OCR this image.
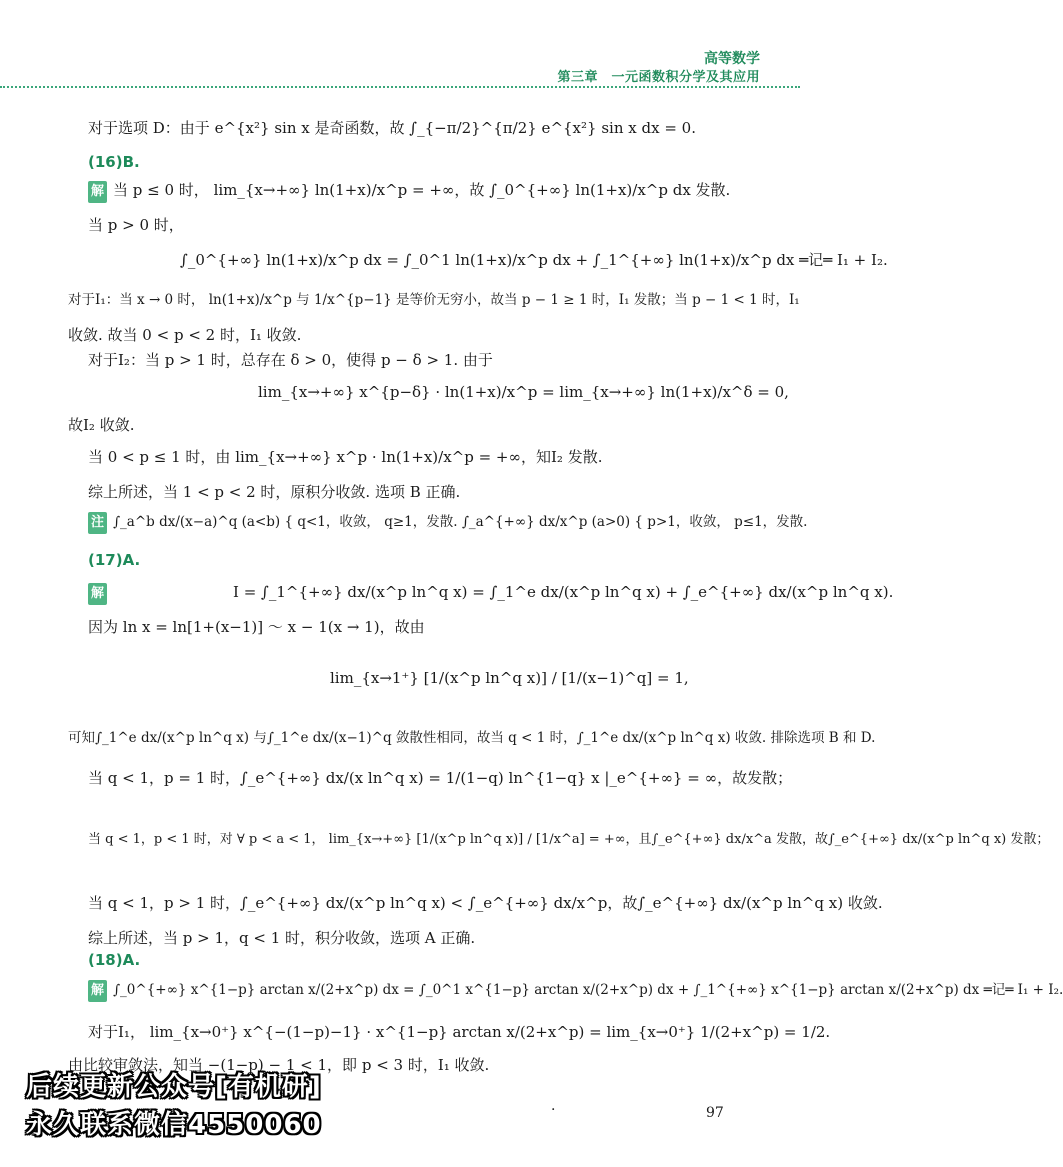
高等数学
第三章　一元函数积分学及其应用
对于选项 D：由于 e^{x²} sin x 是奇函数，故 ∫_{−π/2}^{π/2} e^{x²} sin x dx = 0.
(16)B.
解 当 p ≤ 0 时， lim_{x→+∞} ln(1+x)/x^p = +∞，故 ∫_0^{+∞} ln(1+x)/x^p dx 发散.
当 p > 0 时，
∫_0^{+∞} ln(1+x)/x^p dx = ∫_0^1 ln(1+x)/x^p dx + ∫_1^{+∞} ln(1+x)/x^p dx ═记═ I₁ + I₂.
对于I₁：当 x → 0 时， ln(1+x)/x^p 与 1/x^{p−1} 是等价无穷小，故当 p − 1 ≥ 1 时，I₁ 发散；当 p − 1 < 1 时，I₁
收敛. 故当 0 < p < 2 时，I₁ 收敛.
对于I₂：当 p > 1 时，总存在 δ > 0，使得 p − δ > 1. 由于
lim_{x→+∞} x^{p−δ} · ln(1+x)/x^p = lim_{x→+∞} ln(1+x)/x^δ = 0,
故I₂ 收敛.
当 0 < p ≤ 1 时，由 lim_{x→+∞} x^p · ln(1+x)/x^p = +∞，知I₂ 发散.
综上所述，当 1 < p < 2 时，原积分收敛. 选项 B 正确.
注 ∫_a^b dx/(x−a)^q (a<b) { q<1，收敛， q≥1，发散. ∫_a^{+∞} dx/x^p (a>0) { p>1，收敛， p≤1，发散.
(17)A.
解	I = ∫_1^{+∞} dx/(x^p ln^q x) = ∫_1^e dx/(x^p ln^q x) + ∫_e^{+∞} dx/(x^p ln^q x).
因为 ln x = ln[1+(x−1)] ～ x − 1(x → 1)，故由
lim_{x→1⁺} [1/(x^p ln^q x)] / [1/(x−1)^q] = 1,
可知∫_1^e dx/(x^p ln^q x) 与∫_1^e dx/(x−1)^q 敛散性相同，故当 q < 1 时，∫_1^e dx/(x^p ln^q x) 收敛. 排除选项 B 和 D.
当 q < 1，p = 1 时，∫_e^{+∞} dx/(x ln^q x) = 1/(1−q) ln^{1−q} x |_e^{+∞} = ∞，故发散；
当 q < 1，p < 1 时，对 ∀ p < a < 1， lim_{x→+∞} [1/(x^p ln^q x)] / [1/x^a] = +∞，且∫_e^{+∞} dx/x^a 发散，故∫_e^{+∞} dx/(x^p ln^q x) 发散；
当 q < 1，p > 1 时，∫_e^{+∞} dx/(x^p ln^q x) < ∫_e^{+∞} dx/x^p，故∫_e^{+∞} dx/(x^p ln^q x) 收敛.
综上所述，当 p > 1，q < 1 时，积分收敛，选项 A 正确.
(18)A.
解 ∫_0^{+∞} x^{1−p} arctan x/(2+x^p) dx = ∫_0^1 x^{1−p} arctan x/(2+x^p) dx + ∫_1^{+∞} x^{1−p} arctan x/(2+x^p) dx ═记═ I₁ + I₂.
对于I₁， lim_{x→0⁺} x^{−(1−p)−1} · x^{1−p} arctan x/(2+x^p) = lim_{x→0⁺} 1/(2+x^p) = 1/2.
由比较审敛法，知当 −(1−p) − 1 < 1，即 p < 3 时，I₁ 收敛.
·	97
后续更新公众号[有机研]
永久联系微信4550060
